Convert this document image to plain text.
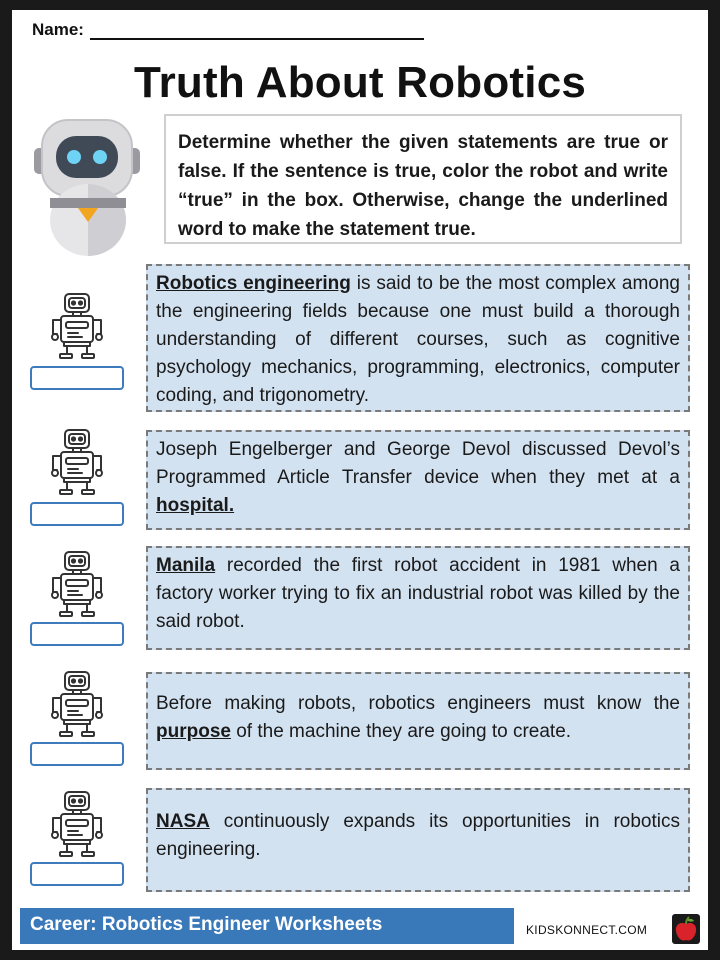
Name:
Truth About Robotics
Determine whether the given statements are true or false. If the sentence is true, color the robot and write “true” in the box. Otherwise, change the underlined word to make the statement true.
Robotics engineering is said to be the most complex among the engineering fields because one must build a thorough understanding of different courses, such as cognitive psychology mechanics, programming, electronics, computer coding, and trigonometry.
Joseph Engelberger and George Devol discussed Devol’s Programmed Article Transfer device when they met at a hospital.
Manila recorded the first robot accident in 1981 when a factory worker trying to fix an industrial robot was killed by the said robot.
Before making robots, robotics engineers must know the purpose of the machine they are going to create.
NASA continuously expands its opportunities in robotics engineering.
Career: Robotics Engineer Worksheets	KIDSKONNECT.COM
